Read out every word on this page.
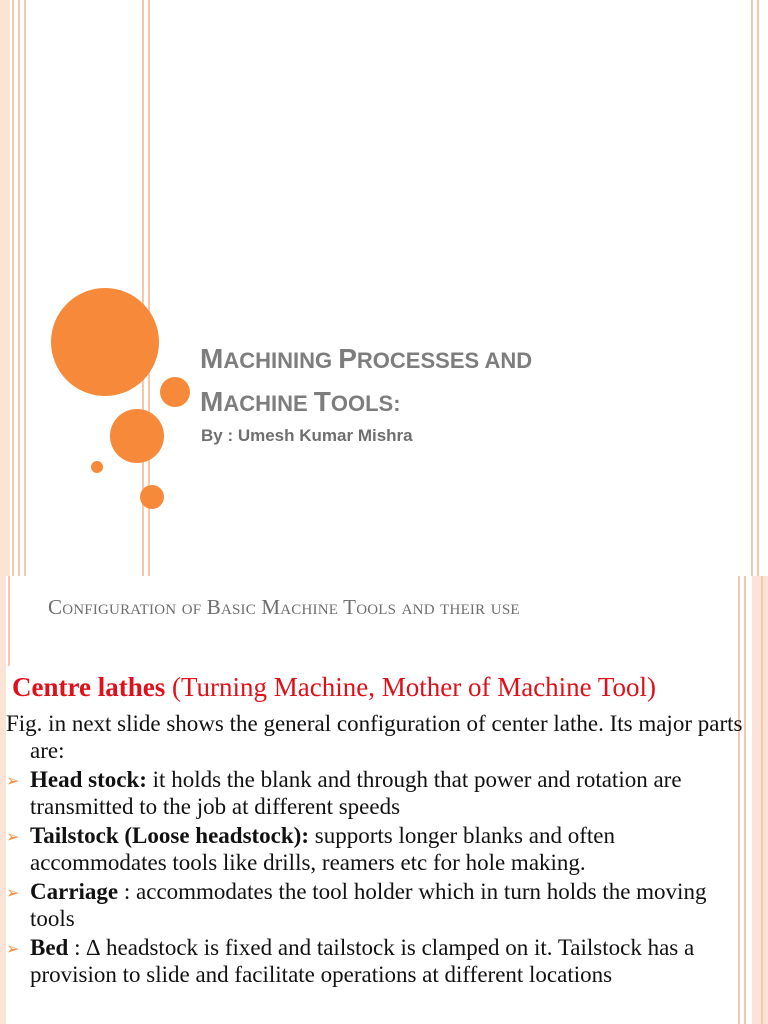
MACHINING PROCESSES AND
MACHINE TOOLS:
By : Umesh Kumar Mishra
Configuration of Basic Machine Tools and their use
Centre lathes (Turning Machine, Mother of Machine Tool)

Fig. in next slide shows the general configuration of center lathe. Its major parts are:

➢ Head stock: it holds the blank and through that power and rotation are transmitted to the job at different speeds
➢ Tailstock (Loose headstock): supports longer blanks and often accommodates tools like drills, reamers etc for hole making.
➢ Carriage : accommodates the tool holder which in turn holds the moving tools
➢ Bed : ∆ headstock is fixed and tailstock is clamped on it. Tailstock has a provision to slide and facilitate operations at different locations
